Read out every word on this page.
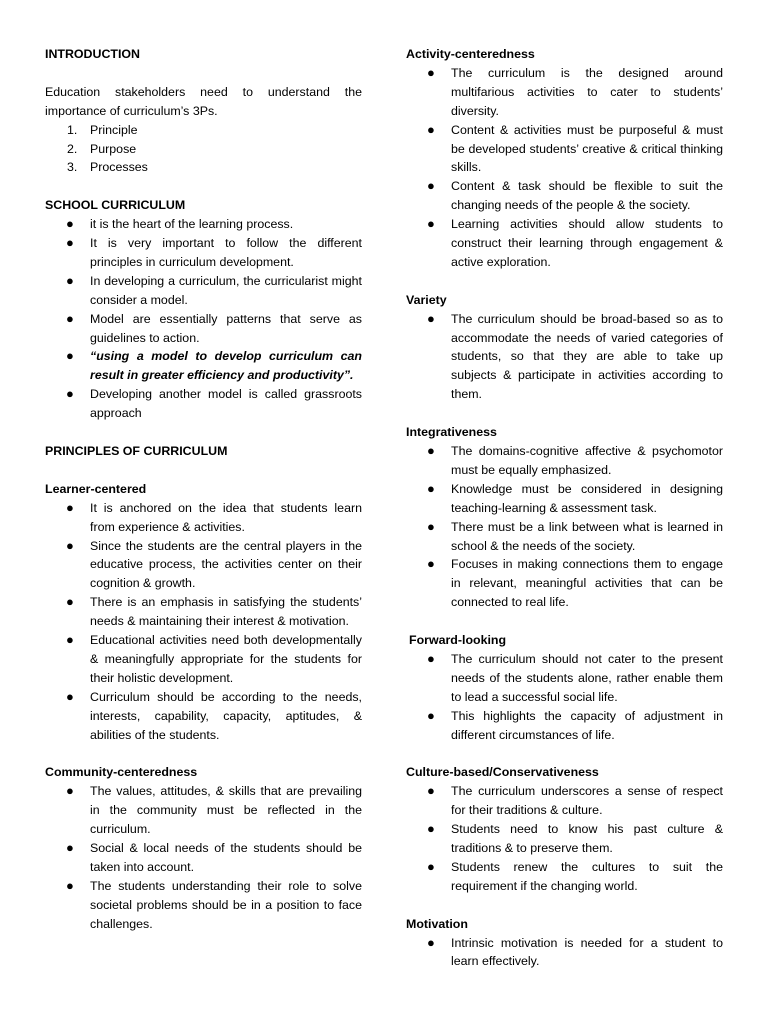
INTRODUCTION

Education stakeholders need to understand the importance of curriculum’s 3Ps.

1. Principle
2. Purpose
3. Processes

SCHOOL CURRICULUM

● it is the heart of the learning process.
● It is very important to follow the different principles in curriculum development.
● In developing a curriculum, the curricularist might consider a model.
● Model are essentially patterns that serve as guidelines to action.
● “using a model to develop curriculum can result in greater efficiency and productivity”.
● Developing another model is called grassroots approach

PRINCIPLES OF CURRICULUM

Learner-centered

● It is anchored on the idea that students learn from experience & activities.
● Since the students are the central players in the educative process, the activities center on their cognition & growth.
● There is an emphasis in satisfying the students’ needs & maintaining their interest & motivation.
● Educational activities need both developmentally & meaningfully appropriate for the students for their holistic development.
● Curriculum should be according to the needs, interests, capability, capacity, aptitudes, & abilities of the students.

Community-centeredness

● The values, attitudes, & skills that are prevailing in the community must be reflected in the curriculum.
● Social & local needs of the students should be taken into account.
● The students understanding their role to solve societal problems should be in a position to face challenges.

Activity-centeredness

● The curriculum is the designed around multifarious activities to cater to students’ diversity.
● Content & activities must be purposeful & must be developed students’ creative & critical thinking skills.
● Content & task should be flexible to suit the changing needs of the people & the society.
● Learning activities should allow students to construct their learning through engagement & active exploration.

Variety

● The curriculum should be broad-based so as to accommodate the needs of varied categories of students, so that they are able to take up subjects & participate in activities according to them.

Integrativeness

● The domains-cognitive affective & psychomotor must be equally emphasized.
● Knowledge must be considered in designing teaching-learning & assessment task.
● There must be a link between what is learned in school & the needs of the society.
● Focuses in making connections them to engage in relevant, meaningful activities that can be connected to real life.

Forward-looking

● The curriculum should not cater to the present needs of the students alone, rather enable them to lead a successful social life.
● This highlights the capacity of adjustment in different circumstances of life.

Culture-based/Conservativeness

● The curriculum underscores a sense of respect for their traditions & culture.
● Students need to know his past culture & traditions & to preserve them.
● Students renew the cultures to suit the requirement if the changing world.

Motivation

● Intrinsic motivation is needed for a student to learn effectively.
